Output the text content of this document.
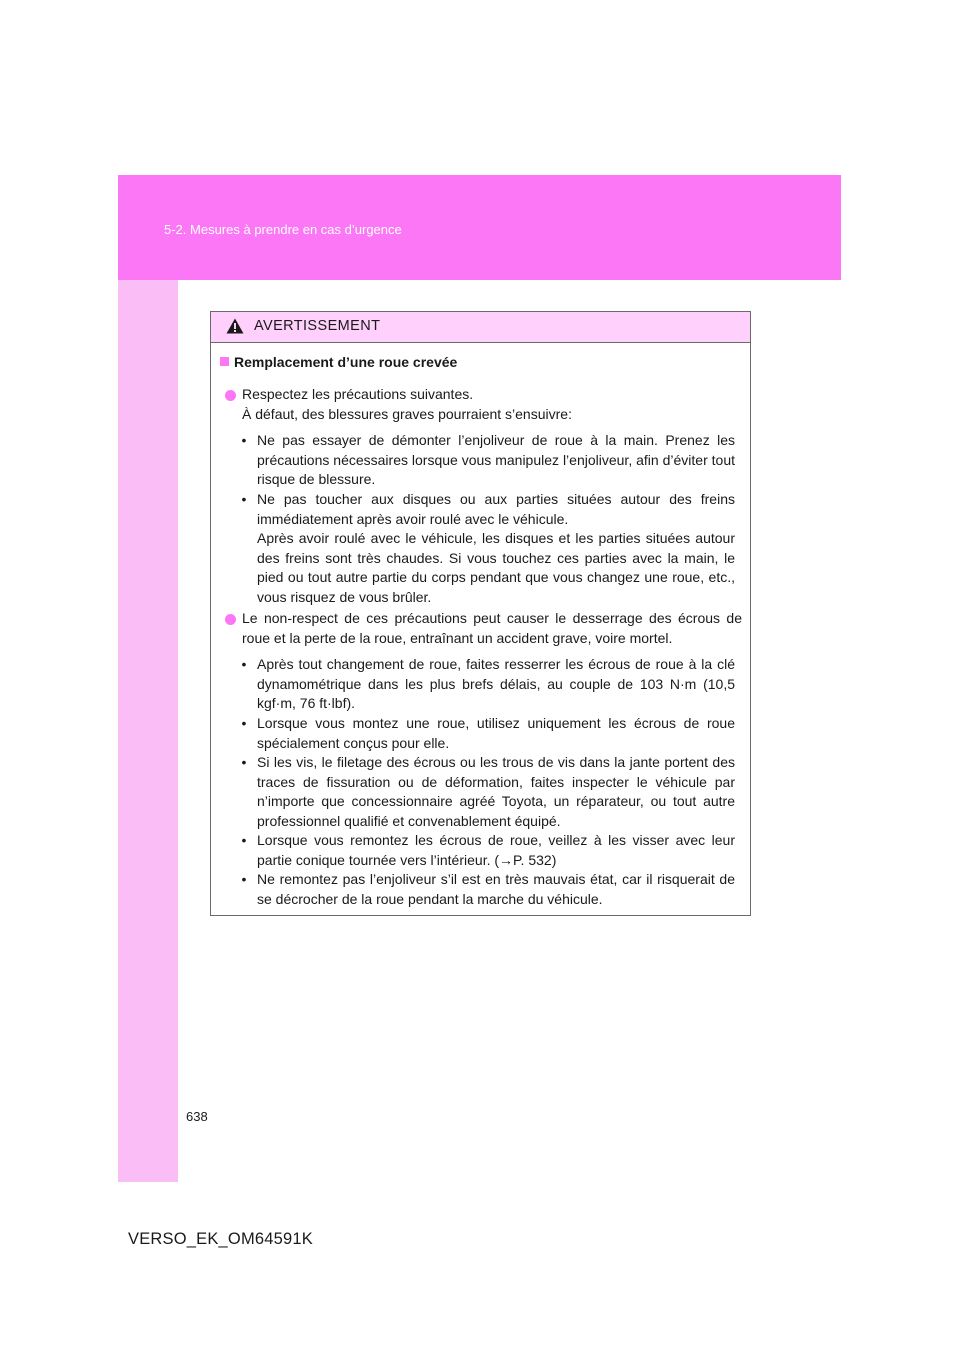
5-2. Mesures à prendre en cas d’urgence
AVERTISSEMENT
Remplacement d’une roue crevée
Respectez les précautions suivantes.
À défaut, des blessures graves pourraient s’ensuivre:
• Ne pas essayer de démonter l’enjoliveur de roue à la main. Prenez les précautions nécessaires lorsque vous manipulez l’enjoliveur, afin d’éviter tout risque de blessure.
• Ne pas toucher aux disques ou aux parties situées autour des freins immédiatement après avoir roulé avec le véhicule.
Après avoir roulé avec le véhicule, les disques et les parties situées autour des freins sont très chaudes. Si vous touchez ces parties avec la main, le pied ou tout autre partie du corps pendant que vous changez une roue, etc., vous risquez de vous brûler.
Le non-respect de ces précautions peut causer le desserrage des écrous de roue et la perte de la roue, entraînant un accident grave, voire mortel.
• Après tout changement de roue, faites resserrer les écrous de roue à la clé dynamométrique dans les plus brefs délais, au couple de 103 N·m (10,5 kgf·m, 76 ft·lbf).
• Lorsque vous montez une roue, utilisez uniquement les écrous de roue spécialement conçus pour elle.
• Si les vis, le filetage des écrous ou les trous de vis dans la jante portent des traces de fissuration ou de déformation, faites inspecter le véhicule par n’importe que concessionnaire agréé Toyota, un réparateur, ou tout autre professionnel qualifié et convenablement équipé.
• Lorsque vous remontez les écrous de roue, veillez à les visser avec leur partie conique tournée vers l’intérieur. (→P. 532)
• Ne remontez pas l’enjoliveur s’il est en très mauvais état, car il risquerait de se décrocher de la roue pendant la marche du véhicule.
638
VERSO_EK_OM64591K
